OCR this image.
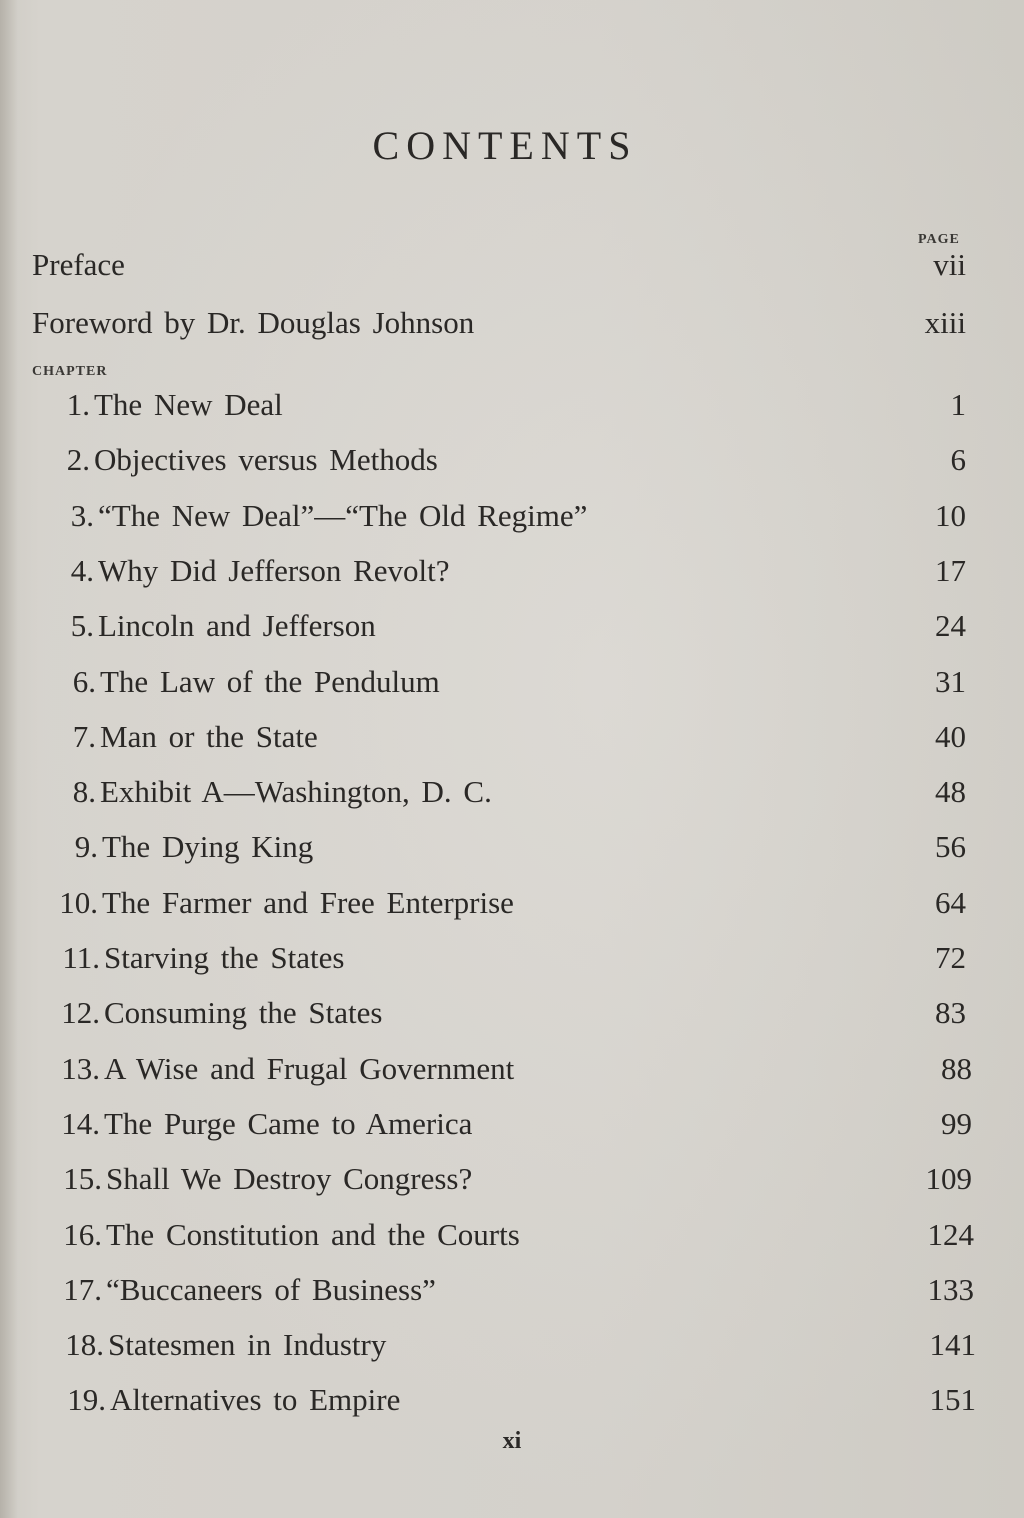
CONTENTS
PAGE
Preface	vii
Foreword by Dr. Douglas Johnson	xiii
CHAPTER
1. The New Deal	1
2. Objectives versus Methods	6
3. “The New Deal”—“The Old Regime”	10
4. Why Did Jefferson Revolt?	17
5. Lincoln and Jefferson	24
6. The Law of the Pendulum	31
7. Man or the State	40
8. Exhibit A—Washington, D. C.	48
9. The Dying King	56
10. The Farmer and Free Enterprise	64
11. Starving the States	72
12. Consuming the States	83
13. A Wise and Frugal Government	88
14. The Purge Came to America	99
15. Shall We Destroy Congress?	109
16. The Constitution and the Courts	124
17. “Buccaneers of Business”	133
18. Statesmen in Industry	141
19. Alternatives to Empire	151
xi
